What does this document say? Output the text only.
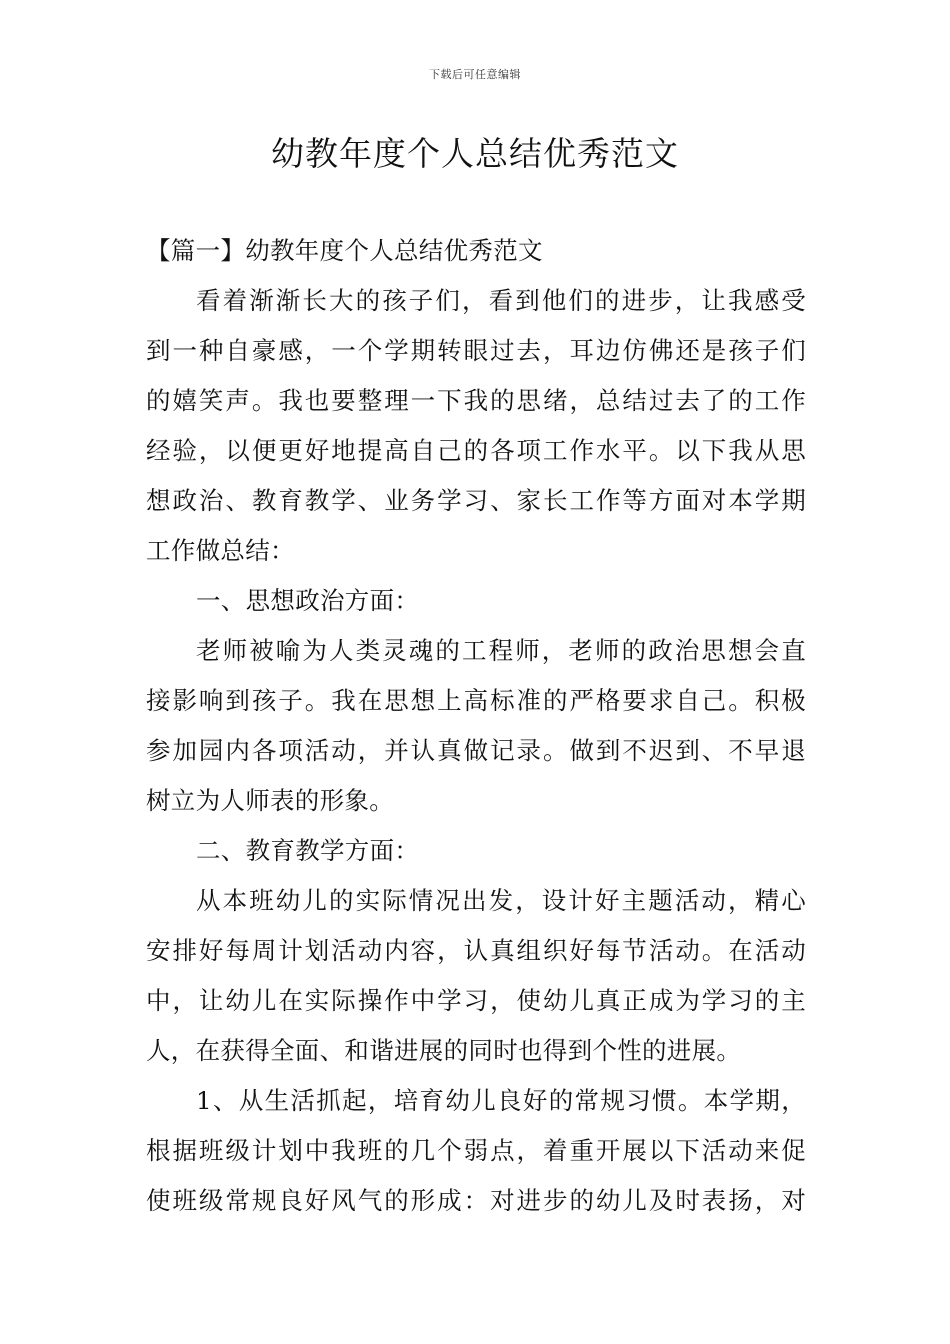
下载后可任意编辑
幼教年度个人总结优秀范文
【篇一】幼教年度个人总结优秀范文
看着渐渐长大的孩子们，看到他们的进步，让我感受
到一种自豪感，一个学期转眼过去，耳边仿佛还是孩子们
的嬉笑声。我也要整理一下我的思绪，总结过去了的工作
经验，以便更好地提高自己的各项工作水平。以下我从思
想政治、教育教学、业务学习、家长工作等方面对本学期
工作做总结：
一、思想政治方面：
老师被喻为人类灵魂的工程师，老师的政治思想会直
接影响到孩子。我在思想上高标准的严格要求自己。积极
参加园内各项活动，并认真做记录。做到不迟到、不早退
树立为人师表的形象。
二、教育教学方面：
从本班幼儿的实际情况出发，设计好主题活动，精心
安排好每周计划活动内容，认真组织好每节活动。在活动
中，让幼儿在实际操作中学习，使幼儿真正成为学习的主
人，在获得全面、和谐进展的同时也得到个性的进展。
1、从生活抓起，培育幼儿良好的常规习惯。本学期，
根据班级计划中我班的几个弱点，着重开展以下活动来促
使班级常规良好风气的形成：对进步的幼儿及时表扬，对
